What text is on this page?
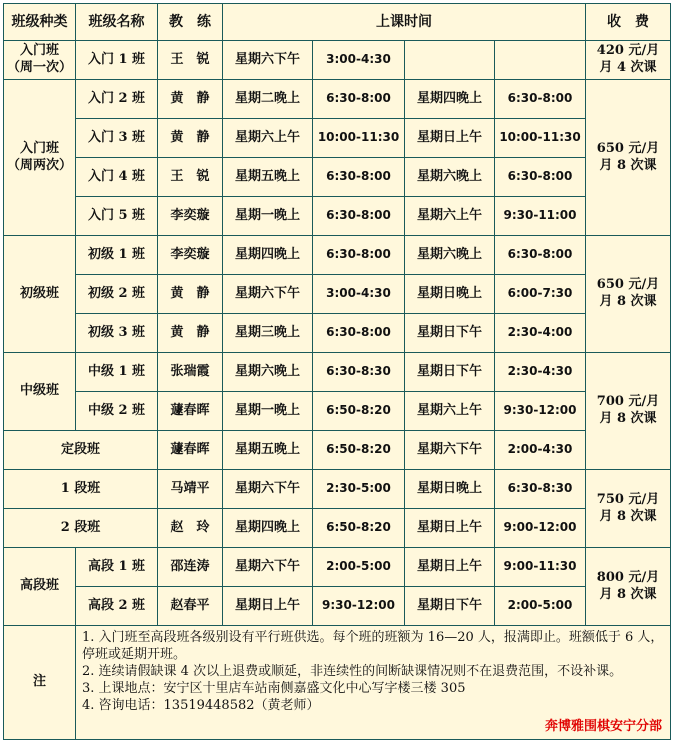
班级种类	班级名称	教　练	上课时间				收　费
入门班
（周一次）	入门 1 班	王　锐	星期六下午	3:00-4:30			420 元/月
月 4 次课
入门班
（周两次）	入门 2 班	黄　静	星期二晚上	6:30-8:00	星期四晚上	6:30-8:00	650 元/月
月 8 次课
	入门 3 班	黄　静	星期六上午	10:00-11:30	星期日上午	10:00-11:30	
	入门 4 班	王　锐	星期五晚上	6:30-8:00	星期六晚上	6:30-8:00	
	入门 5 班	李奕璇	星期一晚上	6:30-8:00	星期六上午	9:30-11:00	
初级班	初级 1 班	李奕璇	星期四晚上	6:30-8:00	星期六晚上	6:30-8:00	650 元/月
月 8 次课
	初级 2 班	黄　静	星期六下午	3:00-4:30	星期日晚上	6:00-7:30	
	初级 3 班	黄　静	星期三晚上	6:30-8:00	星期日下午	2:30-4:00	
中级班	中级 1 班	张瑞霞	星期六晚上	6:30-8:30	星期日下午	2:30-4:30	700 元/月
月 8 次课
	中级 2 班	蘧春晖	星期一晚上	6:50-8:20	星期六上午	9:30-12:00	
定段班		蘧春晖	星期五晚上	6:50-8:20	星期六下午	2:00-4:30	
1 段班		马靖平	星期六下午	2:30-5:00	星期日晚上	6:30-8:30	750 元/月
月 8 次课
2 段班		赵　玲	星期四晚上	6:50-8:20	星期日上午	9:00-12:00	
高段班	高段 1 班	邵连涛	星期六下午	2:00-5:00	星期日上午	9:00-11:30	800 元/月
月 8 次课
	高段 2 班	赵春平	星期日上午	9:30-12:00	星期日下午	2:00-5:00	
注	1. 入门班至高段班各级别设有平行班供选。每个班的班额为 16—20 人，报满即止。班额低于 6 人，停班或延期开班。
2. 连续请假缺课 4 次以上退费或顺延，非连续性的间断缺课情况则不在退费范围，不设补课。
3. 上课地点：安宁区十里店车站南侧嘉盛文化中心写字楼三楼 305
4. 咨询电话：13519448582（黄老师）
奔博雅围棋安宁分部						
